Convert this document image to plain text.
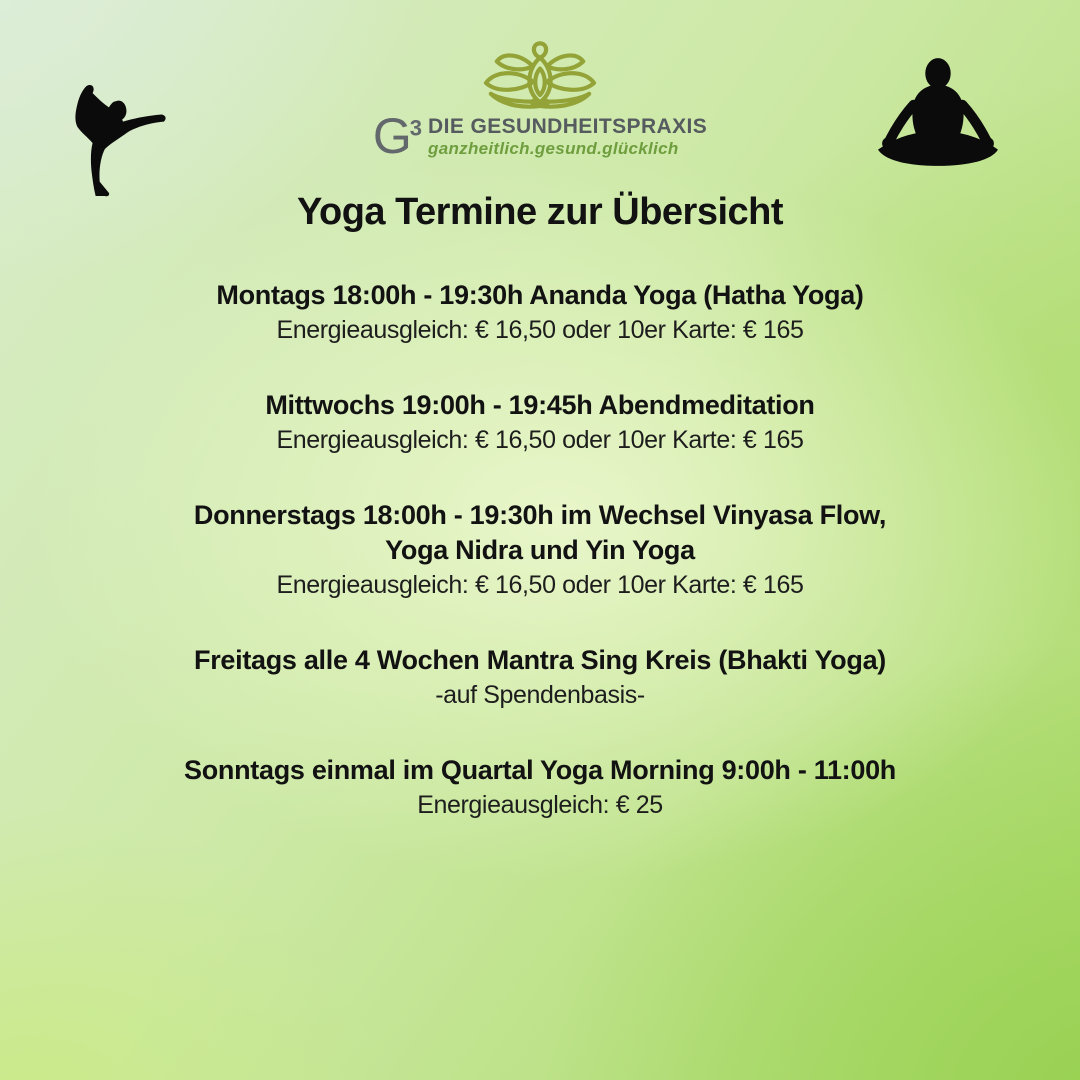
$G^3$ DIE GESUNDHEITSPRAXIS
ganzheitlich.gesund.glücklich
Yoga Termine zur Übersicht
Montags 18:00h - 19:30h Ananda Yoga (Hatha Yoga)
Energieausgleich: € 16,50 oder 10er Karte: € 165
Mittwochs 19:00h - 19:45h Abendmeditation
Energieausgleich: € 16,50 oder 10er Karte: € 165
Donnerstags 18:00h - 19:30h im Wechsel Vinyasa Flow,
Yoga Nidra und Yin Yoga
Energieausgleich: € 16,50 oder 10er Karte: € 165
Freitags alle 4 Wochen Mantra Sing Kreis (Bhakti Yoga)
-auf Spendenbasis-
Sonntags einmal im Quartal Yoga Morning 9:00h - 11:00h
Energieausgleich: € 25
